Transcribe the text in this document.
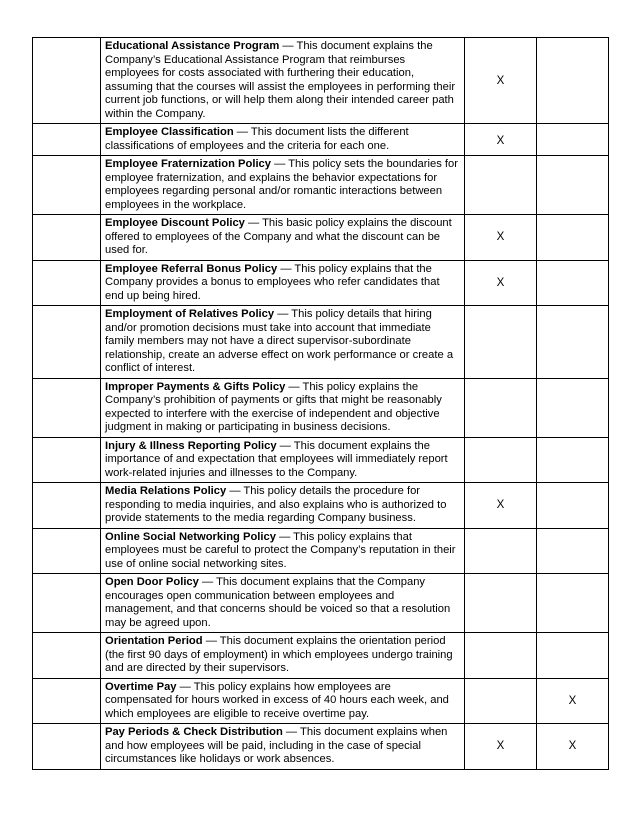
	Educational Assistance Program — This document explains the Company’s Educational Assistance Program that reimburses employees for costs associated with furthering their education, assuming that the courses will assist the employees in performing their current job functions, or will help them along their intended career path within the Company.	X	
	Employee Classification — This document lists the different classifications of employees and the criteria for each one.	X	
	Employee Fraternization Policy — This policy sets the boundaries for employee fraternization, and explains the behavior expectations for employees regarding personal and/or romantic interactions between employees in the workplace.		
	Employee Discount Policy — This basic policy explains the discount offered to employees of the Company and what the discount can be used for.	X	
	Employee Referral Bonus Policy — This policy explains that the Company provides a bonus to employees who refer candidates that end up being hired.	X	
	Employment of Relatives Policy — This policy details that hiring and/or promotion decisions must take into account that immediate family members may not have a direct supervisor-subordinate relationship, create an adverse effect on work performance or create a conflict of interest.		
	Improper Payments & Gifts Policy — This policy explains the Company’s prohibition of payments or gifts that might be reasonably expected to interfere with the exercise of independent and objective judgment in making or participating in business decisions.		
	Injury & Illness Reporting Policy — This document explains the importance of and expectation that employees will immediately report work-related injuries and illnesses to the Company.		
	Media Relations Policy — This policy details the procedure for responding to media inquiries, and also explains who is authorized to provide statements to the media regarding Company business.	X	
	Online Social Networking Policy — This policy explains that employees must be careful to protect the Company’s reputation in their use of online social networking sites.		
	Open Door Policy — This document explains that the Company encourages open communication between employees and management, and that concerns should be voiced so that a resolution may be agreed upon.		
	Orientation Period — This document explains the orientation period (the first 90 days of employment) in which employees undergo training and are directed by their supervisors.		
	Overtime Pay — This policy explains how employees are compensated for hours worked in excess of 40 hours each week, and which employees are eligible to receive overtime pay.		X
	Pay Periods & Check Distribution — This document explains when and how employees will be paid, including in the case of special circumstances like holidays or work absences.	X	X
